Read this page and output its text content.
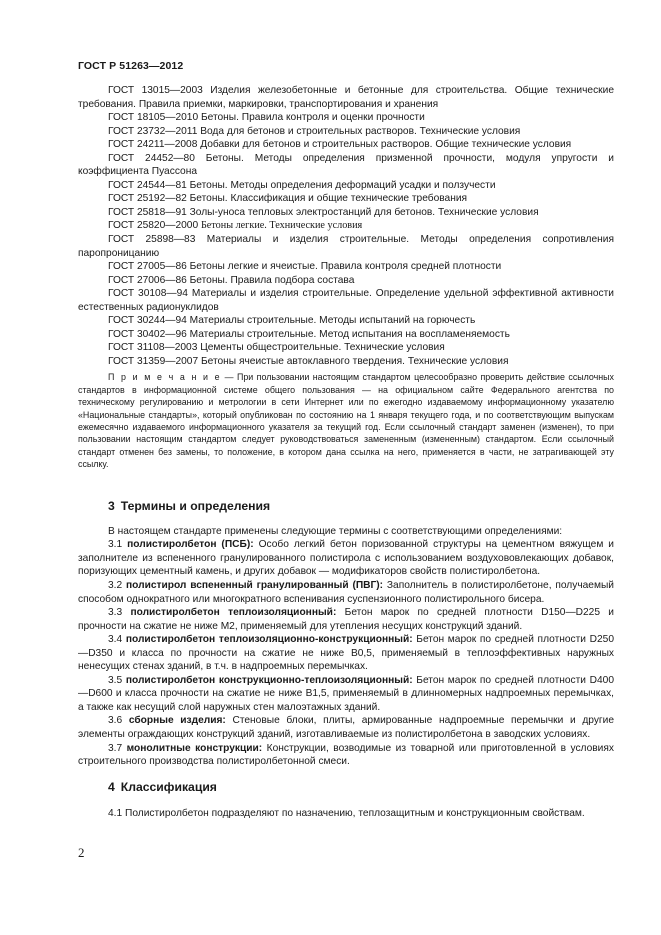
ГОСТ Р 51263—2012

ГОСТ 13015—2003 Изделия железобетонные и бетонные для строительства. Общие технические требования. Правила приемки, маркировки, транспортирования и хранения

ГОСТ 18105—2010 Бетоны. Правила контроля и оценки прочности

ГОСТ 23732—2011 Вода для бетонов и строительных растворов. Технические условия

ГОСТ 24211—2008 Добавки для бетонов и строительных растворов. Общие технические условия

ГОСТ 24452—80 Бетоны. Методы определения призменной прочности, модуля упругости и коэффициента Пуассона

ГОСТ 24544—81 Бетоны. Методы определения деформаций усадки и ползучести

ГОСТ 25192—82 Бетоны. Классификация и общие технические требования

ГОСТ 25818—91 Золы-уноса тепловых электростанций для бетонов. Технические условия

ГОСТ 25820—2000 Бетоны легкие. Технические условия

ГОСТ 25898—83 Материалы и изделия строительные. Методы определения сопротивления паропроницанию

ГОСТ 27005—86 Бетоны легкие и ячеистые. Правила контроля средней плотности

ГОСТ 27006—86 Бетоны. Правила подбора состава

ГОСТ 30108—94 Материалы и изделия строительные. Определение удельной эффективной активности естественных радионуклидов

ГОСТ 30244—94 Материалы строительные. Методы испытаний на горючесть

ГОСТ 30402—96 Материалы строительные. Метод испытания на воспламеняемость

ГОСТ 31108—2003 Цементы общестроительные. Технические условия

ГОСТ 31359—2007 Бетоны ячеистые автоклавного твердения. Технические условия

П р и м е ч а н и е — При пользовании настоящим стандартом целесообразно проверить действие ссылочных стандартов в информационной системе общего пользования — на официальном сайте Федерального агентства по техническому регулированию и метрологии в сети Интернет или по ежегодно издаваемому информационному указателю «Национальные стандарты», который опубликован по состоянию на 1 января текущего года, и по соответствующим выпускам ежемесячно издаваемого информационного указателя за текущий год. Если ссылочный стандарт заменен (изменен), то при пользовании настоящим стандартом следует руководствоваться замененным (измененным) стандартом. Если ссылочный стандарт отменен без замены, то положение, в котором дана ссылка на него, применяется в части, не затрагивающей эту ссылку.

3 Термины и определения

В настоящем стандарте применены следующие термины с соответствующими определениями:

3.1 полистиролбетон (ПСБ): Особо легкий бетон поризованной структуры на цементном вяжущем и заполнителе из вспененного гранулированного полистирола с использованием воздухововлекающих добавок, поризующих цементный камень, и других добавок — модификаторов свойств полистиролбетона.

3.2 полистирол вспененный гранулированный (ПВГ): Заполнитель в полистиролбетоне, получаемый способом однократного или многократного вспенивания суспензионного полистирольного бисера.

3.3 полистиролбетон теплоизоляционный: Бетон марок по средней плотности D150—D225 и прочности на сжатие не ниже М2, применяемый для утепления несущих конструкций зданий.

3.4 полистиролбетон теплоизоляционно-конструкционный: Бетон марок по средней плотности D250—D350 и класса по прочности на сжатие не ниже В0,5, применяемый в теплоэффективных наружных ненесущих стенах зданий, в т.ч. в надпроемных перемычках.

3.5 полистиролбетон конструкционно-теплоизоляционный: Бетон марок по средней плотности D400—D600 и класса прочности на сжатие не ниже В1,5, применяемый в длинномерных надпроемных перемычках, а также как несущий слой наружных стен малоэтажных зданий.

3.6 сборные изделия: Стеновые блоки, плиты, армированные надпроемные перемычки и другие элементы ограждающих конструкций зданий, изготавливаемые из полистиролбетона в заводских условиях.

3.7 монолитные конструкции: Конструкции, возводимые из товарной или приготовленной в условиях строительного производства полистиролбетонной смеси.

4 Классификация

4.1 Полистиролбетон подразделяют по назначению, теплозащитным и конструкционным свойствам.

2
